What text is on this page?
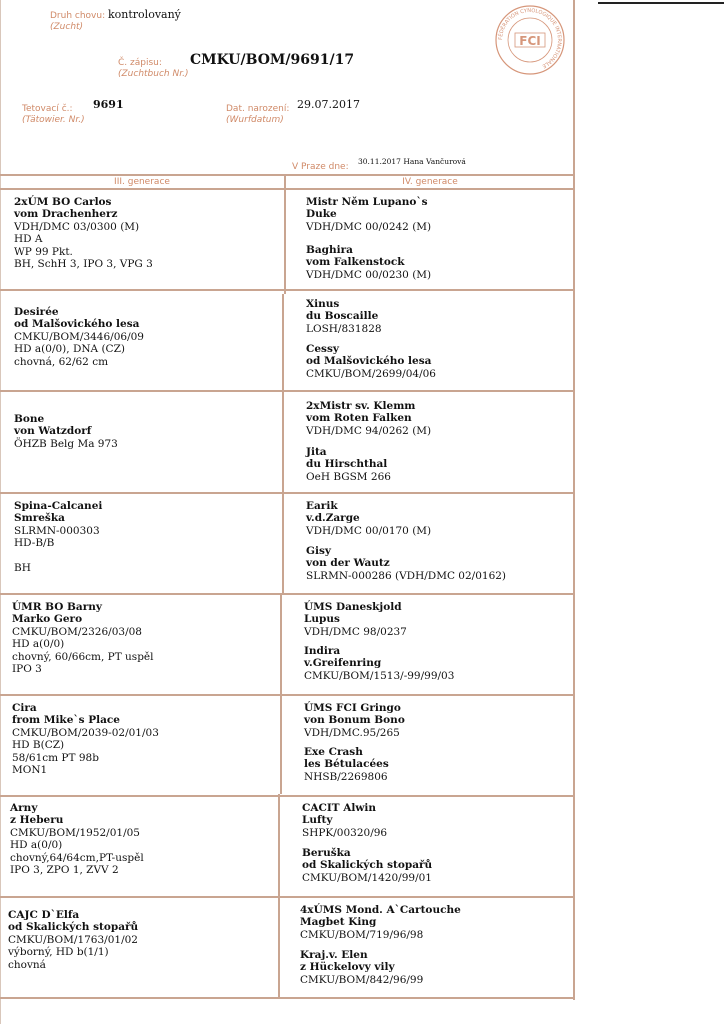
Druh chovu:
(Zucht)
kontrolovaný
Č. zápisu:
(Zuchtbuch Nr.)
CMKU/BOM/9691/17
Tetovací č.:
(Tätowier. Nr.)
9691	Dat. narození:
(Wurfdatum)
29.07.2017
V Praze dne:
30.11.2017 Hana Vančurová
FÉDÉRATION CYNOLOGIQUE INTERNATIONALE
FCI
III. generace	IV. generace
2xÚM BO Carlos
vom Drachenherz
VDH/DMC 03/0300 (M)
HD A
WP 99 Pkt.
BH, SchH 3, IPO 3, VPG 3
Mistr Něm Lupano`s
Duke
VDH/DMC 00/0242 (M)
Baghira
vom Falkenstock
VDH/DMC 00/0230 (M)
Desirée
od Malšovického lesa
CMKU/BOM/3446/06/09
HD a(0/0), DNA (CZ)
chovná, 62/62 cm
Xinus
du Boscaille
LOSH/831828
Cessy
od Malšovického lesa
CMKU/BOM/2699/04/06
Bone
von Watzdorf
ÖHZB Belg Ma 973
2xMistr sv. Klemm
vom Roten Falken
VDH/DMC 94/0262 (M)
Jita
du Hirschthal
OeH BGSM 266
Spina-Calcanei
Smreška
SLRMN-000303
HD-B/B
BH
Earik
v.d.Zarge
VDH/DMC 00/0170 (M)
Gisy
von der Wautz
SLRMN-000286 (VDH/DMC 02/0162)
ÚMR BO Barny
Marko Gero
CMKU/BOM/2326/03/08
HD a(0/0)
chovný, 60/66cm, PT uspěl
IPO 3
ÚMS Daneskjold
Lupus
VDH/DMC 98/0237
Indira
v.Greifenring
CMKU/BOM/1513/-99/99/03
Cira
from Mike`s Place
CMKU/BOM/2039-02/01/03
HD B(CZ)
58/61cm PT 98b
MON1
ÚMS FCI Gringo
von Bonum Bono
VDH/DMC.95/265
Exe Crash
les Bétulacées
NHSB/2269806
Arny
z Heberu
CMKU/BOM/1952/01/05
HD a(0/0)
chovný,64/64cm,PT-uspěl
IPO 3, ZPO 1, ZVV 2
CACIT Alwin
Lufty
SHPK/00320/96
Beruška
od Skalických stopařů
CMKU/BOM/1420/99/01
CAJC D`Elfa
od Skalických stopařů
CMKU/BOM/1763/01/02
výborný, HD b(1/1)
chovná
4xÚMS Mond. A`Cartouche
Magbet King
CMKU/BOM/719/96/98
Kraj.v. Elen
z Hückelovy vily
CMKU/BOM/842/96/99
